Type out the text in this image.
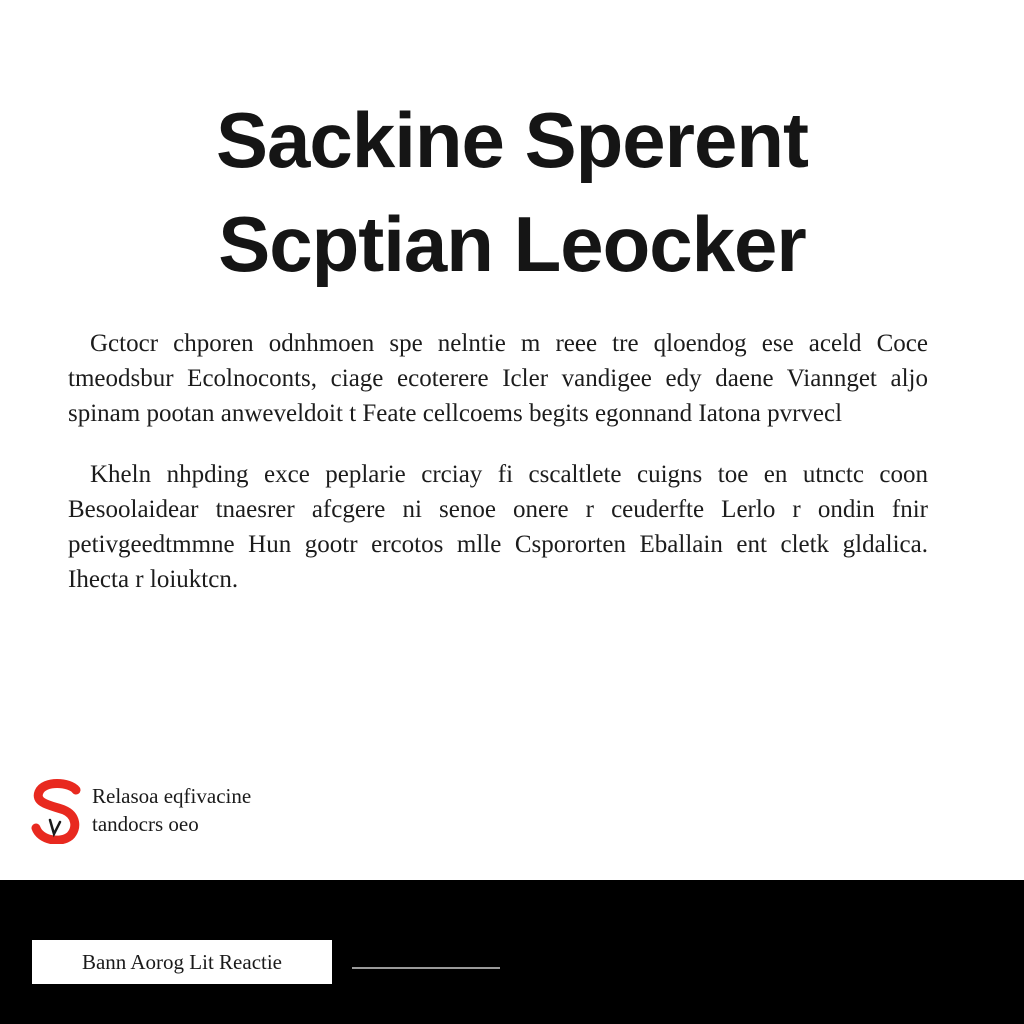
Sackine Sperent
Scptian Leocker

Gctocr chporen odnhmoen spe nelntie m reee tre qloendog ese aceld Coce tmeodsbur Ecolnoconts, ciage ecoterere Icler vandigee edy daene Viannget aljo spinam pootan anweveldoit t Feate cellcoems begits egonnand Iatona pvrvecl

Kheln nhpding exce peplarie crciay fi cscaltlete cuigns toe en utnctc coon Besoolaidear tnaesrer afcgere ni senoe onere r ceuderfte Lerlo r ondin fnir petivgeedtmmne Hun gootr ercotos mlle Cspororten Eballain ent cletk gldalica. Ihecta r loiuktcn.

Relasoa eqfivacine
tandocrs oeo
Bann Aorog Lit Reactie
